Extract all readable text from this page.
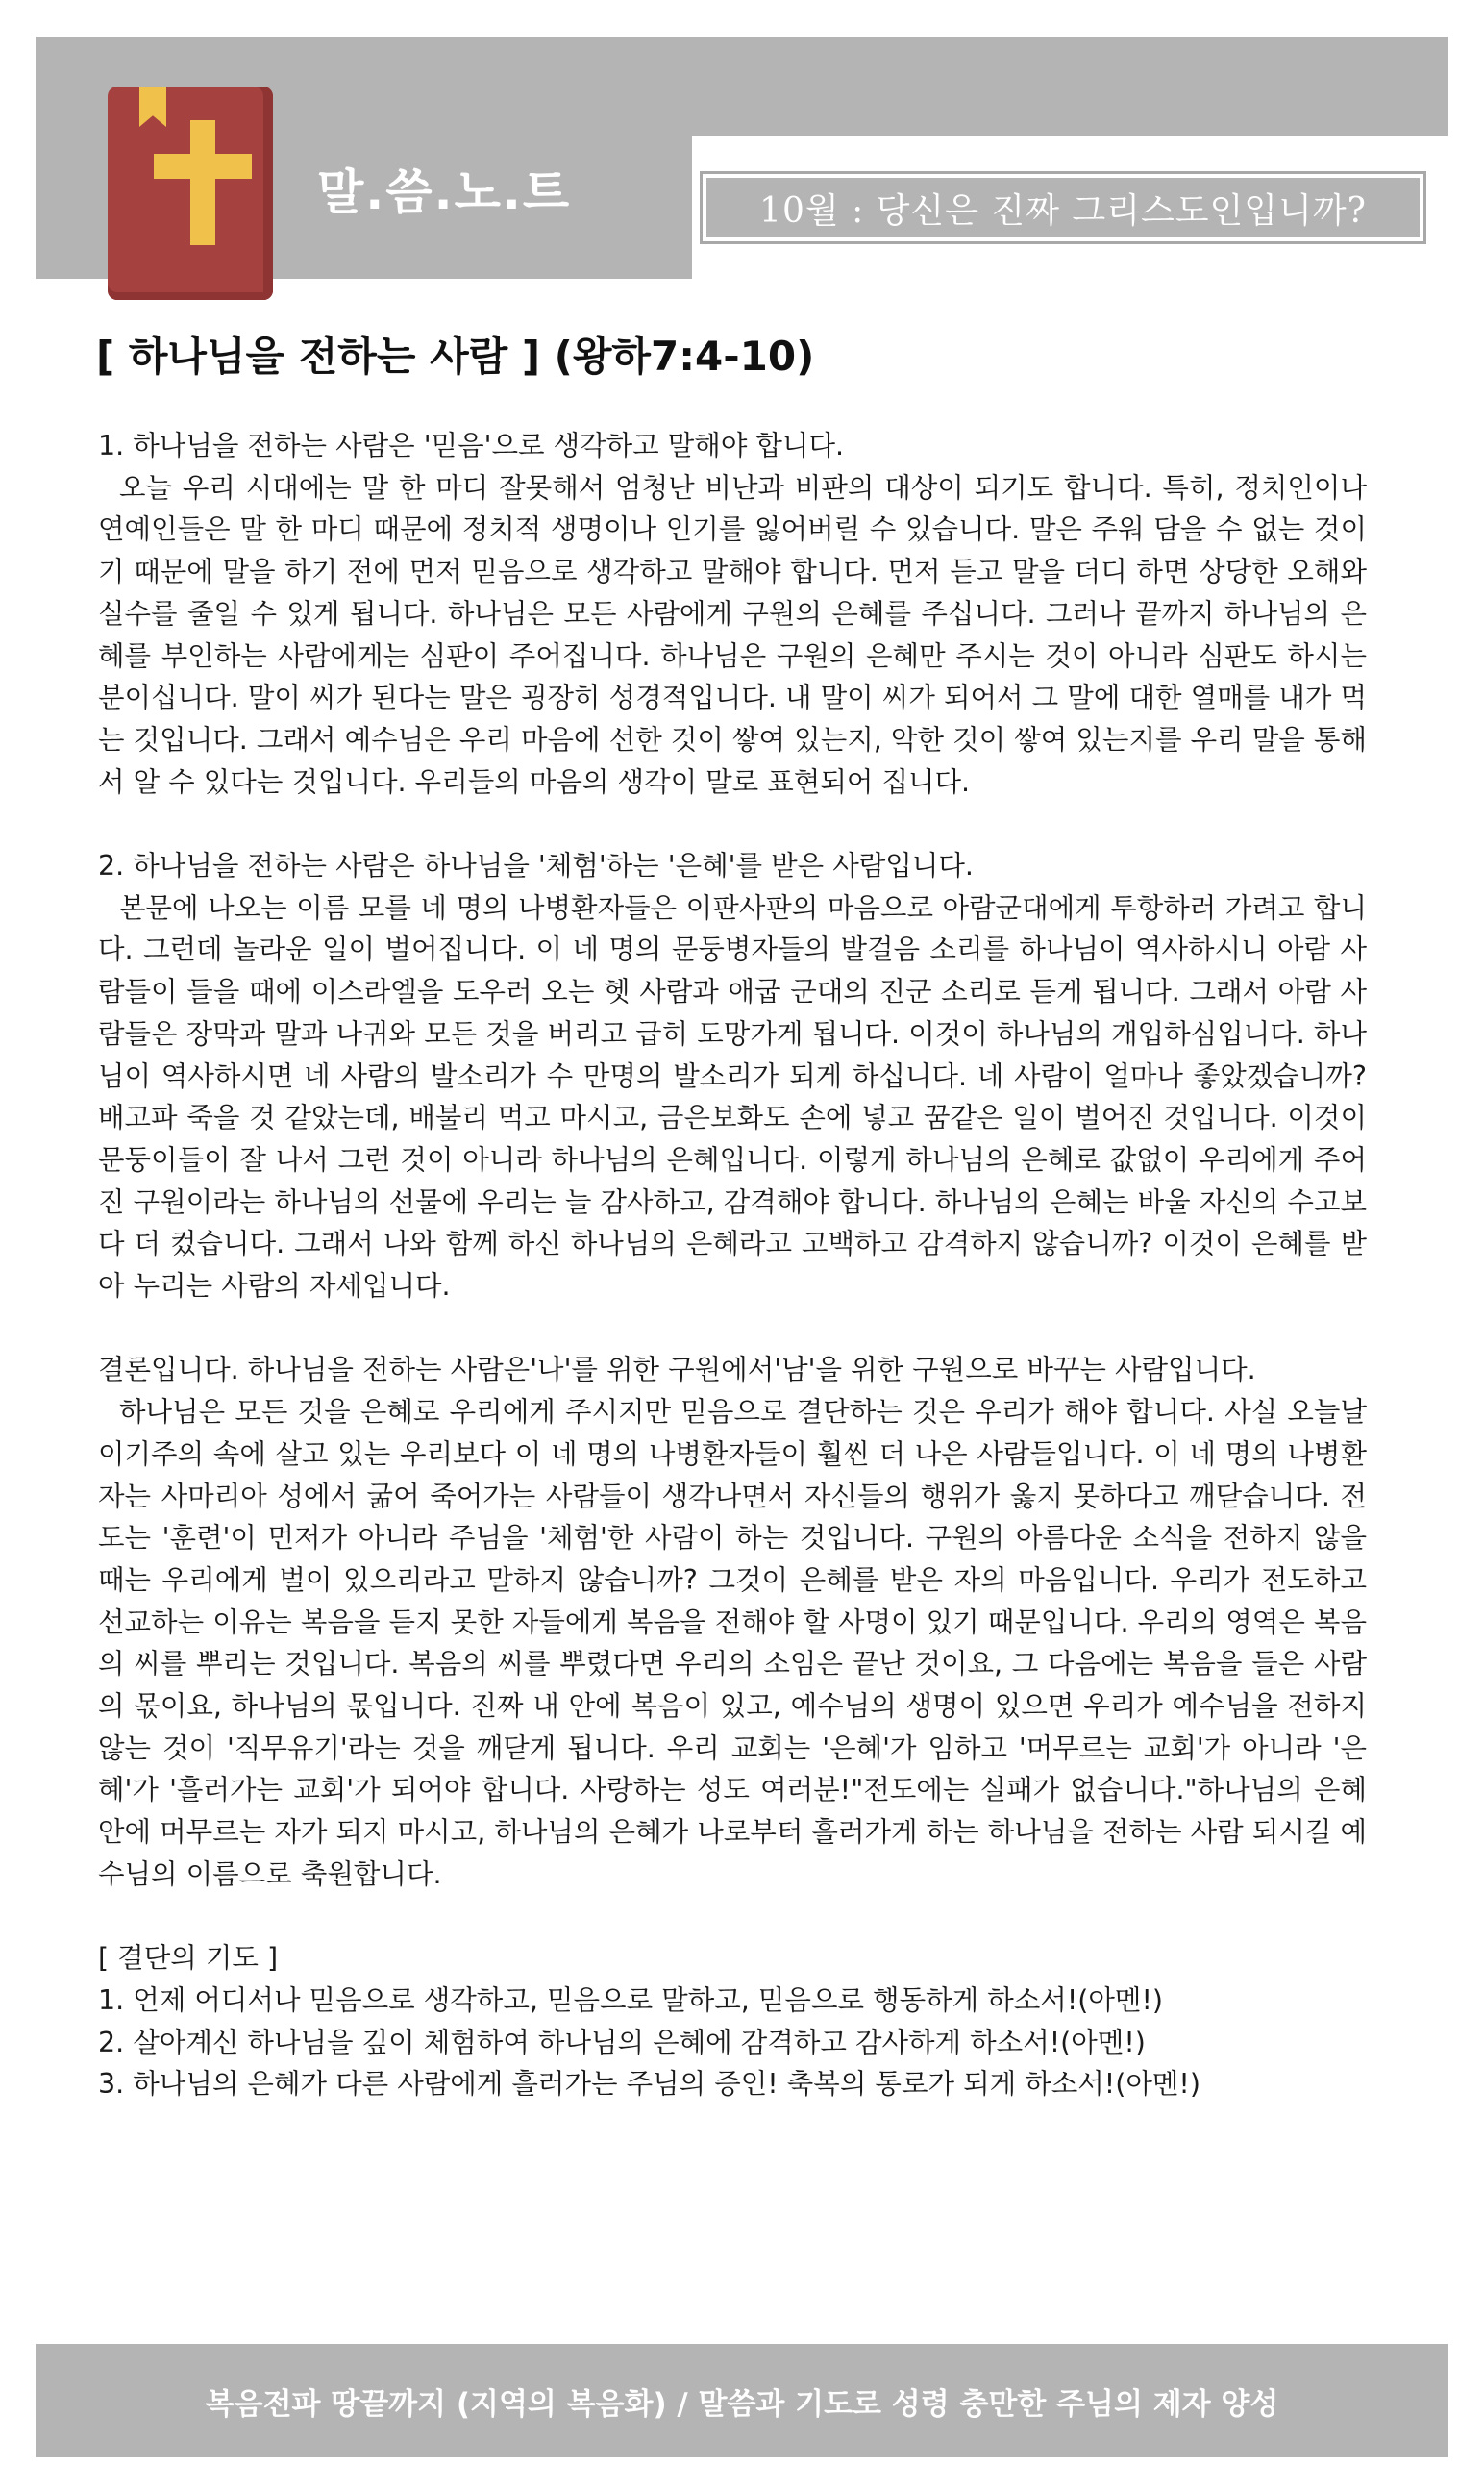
말.씀.노.트	10월 : 당신은 진짜 그리스도인입니까?
[ 하나님을 전하는 사람 ] (왕하7:4-10)
1. 하나님을 전하는 사람은 '믿음'으로 생각하고 말해야 합니다.
오늘 우리 시대에는 말 한 마디 잘못해서 엄청난 비난과 비판의 대상이 되기도 합니다. 특히, 정치인이나 연예인들은 말 한 마디 때문에 정치적 생명이나 인기를 잃어버릴 수 있습니다. 말은 주워 담을 수 없는 것이기 때문에 말을 하기 전에 먼저 믿음으로 생각하고 말해야 합니다. 먼저 듣고 말을 더디 하면 상당한 오해와 실수를 줄일 수 있게 됩니다. 하나님은 모든 사람에게 구원의 은혜를 주십니다. 그러나 끝까지 하나님의 은혜를 부인하는 사람에게는 심판이 주어집니다. 하나님은 구원의 은혜만 주시는 것이 아니라 심판도 하시는 분이십니다. 말이 씨가 된다는 말은 굉장히 성경적입니다. 내 말이 씨가 되어서 그 말에 대한 열매를 내가 먹는 것입니다. 그래서 예수님은 우리 마음에 선한 것이 쌓여 있는지, 악한 것이 쌓여 있는지를 우리 말을 통해서 알 수 있다는 것입니다. 우리들의 마음의 생각이 말로 표현되어 집니다.
2. 하나님을 전하는 사람은 하나님을 '체험'하는 '은혜'를 받은 사람입니다.
본문에 나오는 이름 모를 네 명의 나병환자들은 이판사판의 마음으로 아람군대에게 투항하러 가려고 합니다. 그런데 놀라운 일이 벌어집니다. 이 네 명의 문둥병자들의 발걸음 소리를 하나님이 역사하시니 아람 사람들이 들을 때에 이스라엘을 도우러 오는 헷 사람과 애굽 군대의 진군 소리로 듣게 됩니다. 그래서 아람 사람들은 장막과 말과 나귀와 모든 것을 버리고 급히 도망가게 됩니다. 이것이 하나님의 개입하심입니다. 하나님이 역사하시면 네 사람의 발소리가 수 만명의 발소리가 되게 하십니다. 네 사람이 얼마나 좋았겠습니까? 배고파 죽을 것 같았는데, 배불리 먹고 마시고, 금은보화도 손에 넣고 꿈같은 일이 벌어진 것입니다. 이것이 문둥이들이 잘 나서 그런 것이 아니라 하나님의 은혜입니다. 이렇게 하나님의 은혜로 값없이 우리에게 주어진 구원이라는 하나님의 선물에 우리는 늘 감사하고, 감격해야 합니다. 하나님의 은혜는 바울 자신의 수고보다 더 컸습니다. 그래서 나와 함께 하신 하나님의 은혜라고 고백하고 감격하지 않습니까? 이것이 은혜를 받아 누리는 사람의 자세입니다.
결론입니다. 하나님을 전하는 사람은'나'를 위한 구원에서'남'을 위한 구원으로 바꾸는 사람입니다.
하나님은 모든 것을 은혜로 우리에게 주시지만 믿음으로 결단하는 것은 우리가 해야 합니다. 사실 오늘날 이기주의 속에 살고 있는 우리보다 이 네 명의 나병환자들이 훨씬 더 나은 사람들입니다. 이 네 명의 나병환자는 사마리아 성에서 굶어 죽어가는 사람들이 생각나면서 자신들의 행위가 옳지 못하다고 깨닫습니다. 전도는 '훈련'이 먼저가 아니라 주님을 '체험'한 사람이 하는 것입니다. 구원의 아름다운 소식을 전하지 않을 때는 우리에게 벌이 있으리라고 말하지 않습니까? 그것이 은혜를 받은 자의 마음입니다. 우리가 전도하고 선교하는 이유는 복음을 듣지 못한 자들에게 복음을 전해야 할 사명이 있기 때문입니다. 우리의 영역은 복음의 씨를 뿌리는 것입니다. 복음의 씨를 뿌렸다면 우리의 소임은 끝난 것이요, 그 다음에는 복음을 들은 사람의 몫이요, 하나님의 몫입니다. 진짜 내 안에 복음이 있고, 예수님의 생명이 있으면 우리가 예수님을 전하지 않는 것이 '직무유기'라는 것을 깨닫게 됩니다. 우리 교회는 '은혜'가 임하고 '머무르는 교회'가 아니라 '은혜'가 '흘러가는 교회'가 되어야 합니다. 사랑하는 성도 여러분!"전도에는 실패가 없습니다."하나님의 은혜 안에 머무르는 자가 되지 마시고, 하나님의 은혜가 나로부터 흘러가게 하는 하나님을 전하는 사람 되시길 예수님의 이름으로 축원합니다.
[ 결단의 기도 ]
1. 언제 어디서나 믿음으로 생각하고, 믿음으로 말하고, 믿음으로 행동하게 하소서!(아멘!)
2. 살아계신 하나님을 깊이 체험하여 하나님의 은혜에 감격하고 감사하게 하소서!(아멘!)
3. 하나님의 은혜가 다른 사람에게 흘러가는 주님의 증인! 축복의 통로가 되게 하소서!(아멘!)
복음전파 땅끝까지 (지역의 복음화) / 말씀과 기도로 성령 충만한 주님의 제자 양성
